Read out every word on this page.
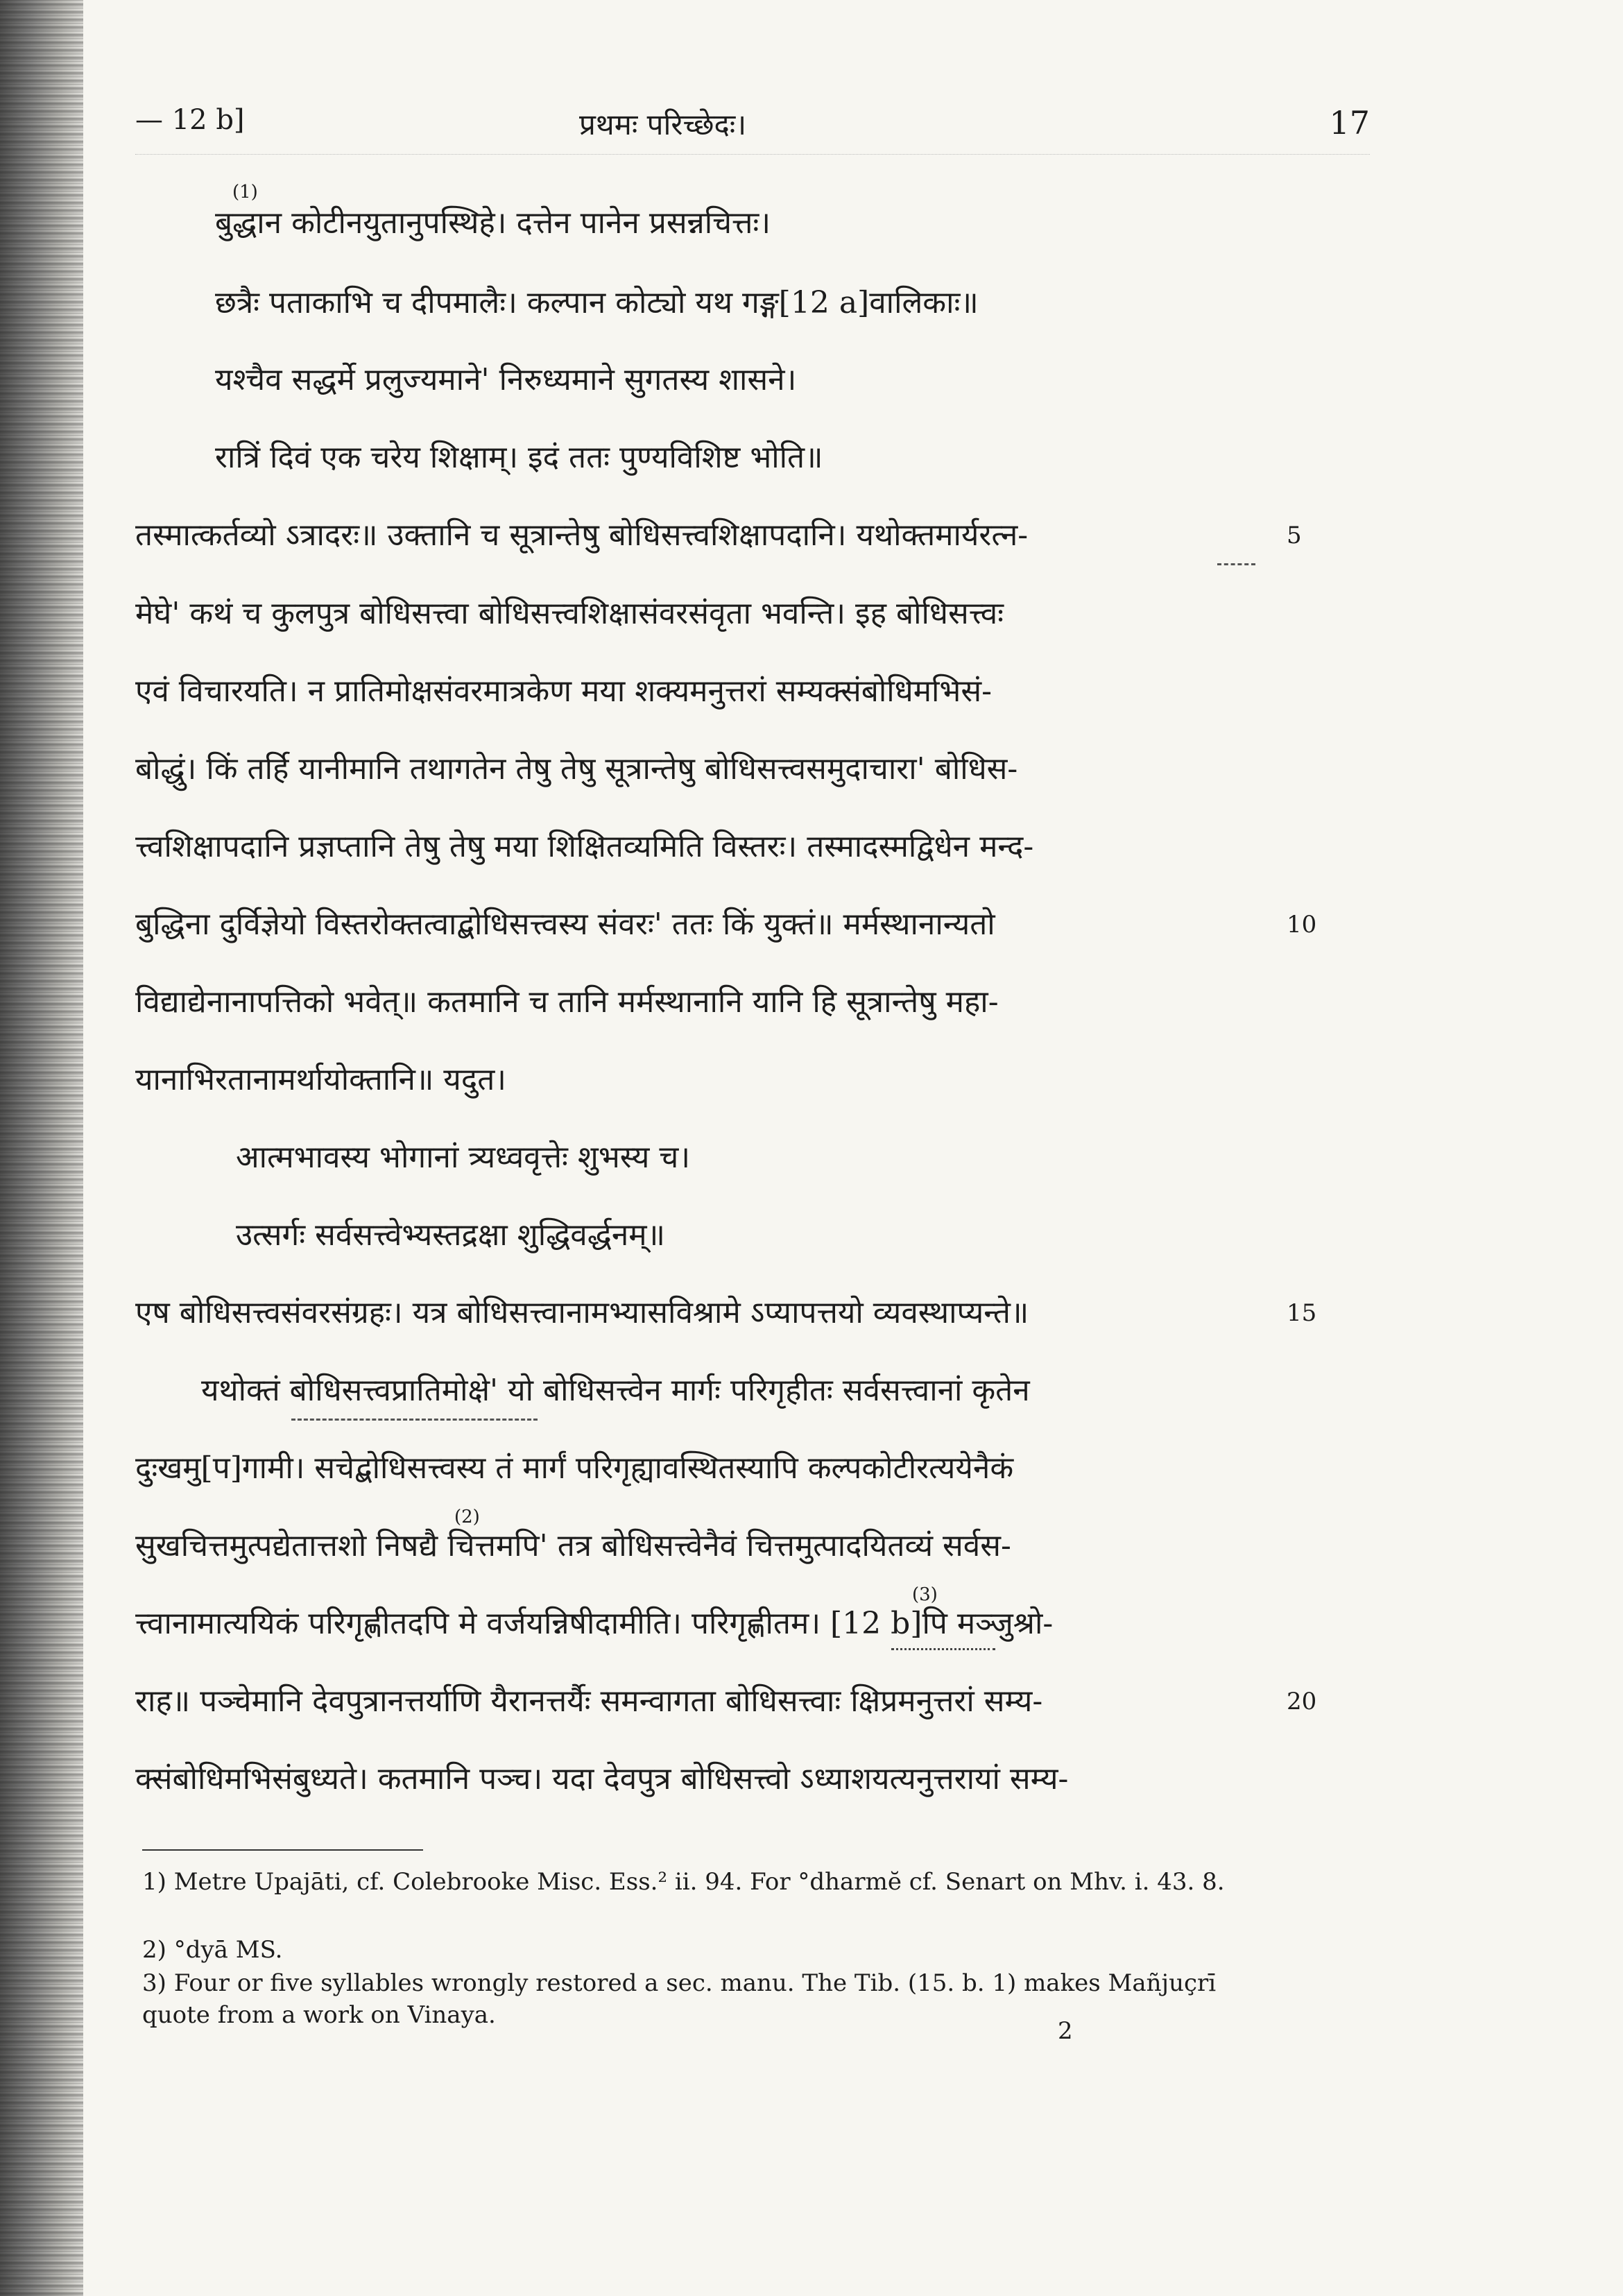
— 12 b]	प्रथमः परिच्छेदः।	17
(1)
बुद्धान कोटीनयुतानुपस्थिहे। दत्तेन पानेन प्रसन्नचित्तः।
छत्रैः पताकाभि च दीपमालैः। कल्पान कोट्यो यथ गङ्ग[12 a]वालिकाः॥
यश्चैव सद्धर्मे प्रलुज्यमाने' निरुध्यमाने सुगतस्य शासने।
रात्रिं दिवं एक चरेय शिक्षाम्। इदं ततः पुण्यविशिष्ट भोति॥
तस्मात्कर्तव्यो ऽत्रादरः॥ उक्तानि च सूत्रान्तेषु बोधिसत्त्वशिक्षापदानि। यथोक्तमार्यरत्न-	5
मेघे' कथं च कुलपुत्र बोधिसत्त्वा बोधिसत्त्वशिक्षासंवरसंवृता भवन्ति। इह बोधिसत्त्वः
एवं विचारयति। न प्रातिमोक्षसंवरमात्रकेण मया शक्यमनुत्तरां सम्यक्संबोधिमभिसं-
बोद्धुं। किं तर्हि यानीमानि तथागतेन तेषु तेषु सूत्रान्तेषु बोधिसत्त्वसमुदाचारा' बोधिस-
त्त्वशिक्षापदानि प्रज्ञप्तानि तेषु तेषु मया शिक्षितव्यमिति विस्तरः। तस्मादस्मद्विधेन मन्द-
बुद्धिना दुर्विज्ञेयो विस्तरोक्तत्वाद्बोधिसत्त्वस्य संवरः' ततः किं युक्तं॥ मर्मस्थानान्यतो	10
विद्याद्येनानापत्तिको भवेत्॥ कतमानि च तानि मर्मस्थानानि यानि हि सूत्रान्तेषु महा-
यानाभिरतानामर्थायोक्तानि॥ यदुत।
आत्मभावस्य भोगानां त्र्यध्ववृत्तेः शुभस्य च।
उत्सर्गः सर्वसत्त्वेभ्यस्तद्रक्षा शुद्धिवर्द्धनम्॥
एष बोधिसत्त्वसंवरसंग्रहः। यत्र बोधिसत्त्वानामभ्यासविश्रामे ऽप्यापत्तयो व्यवस्थाप्यन्ते॥	15
यथोक्तं बोधिसत्त्वप्रातिमोक्षे' यो बोधिसत्त्वेन मार्गः परिगृहीतः सर्वसत्त्वानां कृतेन
दुःखमु[प]गामी। सचेद्बोधिसत्त्वस्य तं मार्गं परिगृह्यावस्थितस्यापि कल्पकोटीरत्ययेनैकं
(2)
सुखचित्तमुत्पद्येतात्तशो निषद्यै चित्तमपि' तत्र बोधिसत्त्वेनैवं चित्तमुत्पादयितव्यं सर्वस-
(3)
त्त्वानामात्ययिकं परिगृह्णीतदपि मे वर्जयन्निषीदामीति। परिगृह्णीतम। [12 b]पि मञ्जुश्रो-
राह॥ पञ्चेमानि देवपुत्रानत्तर्याणि यैरानत्तर्यैः समन्वागता बोधिसत्त्वाः क्षिप्रमनुत्तरां सम्य-	20
क्संबोधिमभिसंबुध्यते। कतमानि पञ्च। यदा देवपुत्र बोधिसत्त्वो ऽध्याशयत्यनुत्तरायां सम्य-
1) Metre Upajāti, cf. Colebrooke Misc. Ess.² ii. 94. For °dharmĕ cf. Senart on Mhv. i. 43. 8.
2) °dyā MS.
3) Four or five syllables wrongly restored a sec. manu. The Tib. (15. b. 1) makes Mañjuçrī quote from a work on Vinaya.
2
